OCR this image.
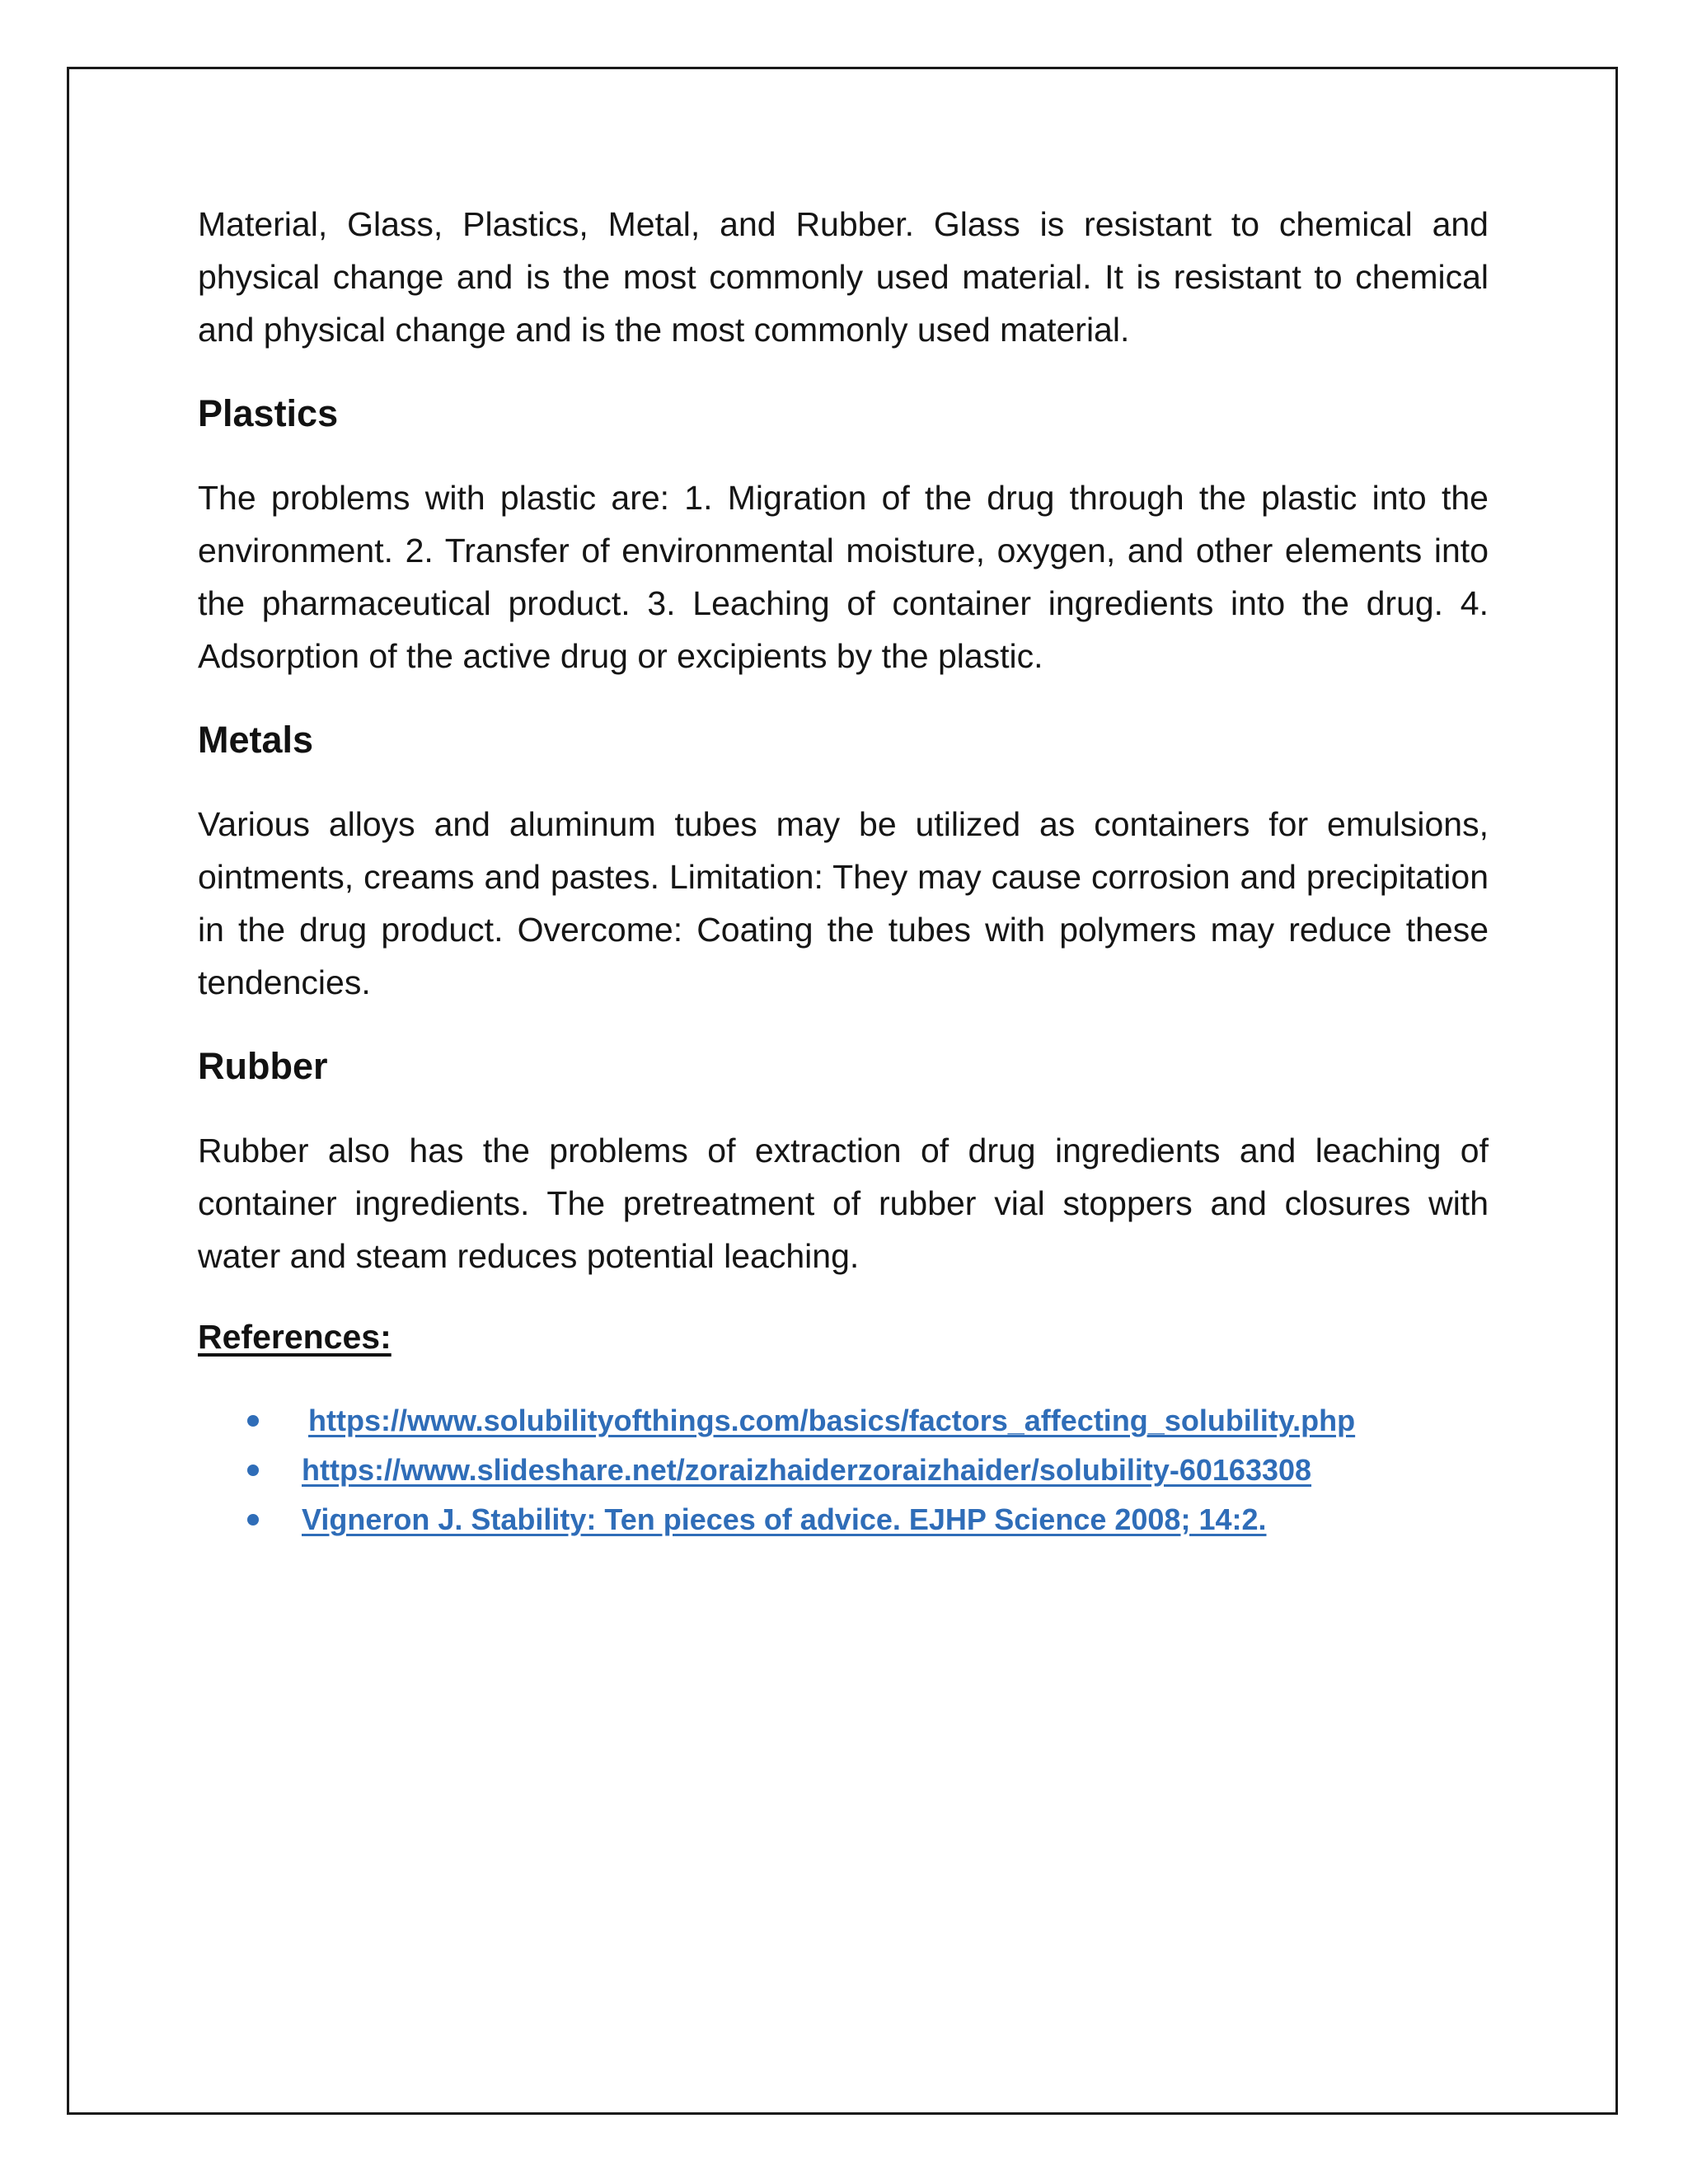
Material, Glass, Plastics, Metal, and Rubber. Glass is resistant to chemical and physical change and is the most commonly used material. It is resistant to chemical and physical change and is the most commonly used material.

Plastics

The problems with plastic are: 1. Migration of the drug through the plastic into the environment. 2. Transfer of environmental moisture, oxygen, and other elements into the pharmaceutical product. 3. Leaching of container ingredients into the drug. 4. Adsorption of the active drug or excipients by the plastic.

Metals

Various alloys and aluminum tubes may be utilized as containers for emulsions, ointments, creams and pastes. Limitation: They may cause corrosion and precipitation in the drug product. Overcome: Coating the tubes with polymers may reduce these tendencies.

Rubber

Rubber also has the problems of extraction of drug ingredients and leaching of container ingredients. The pretreatment of rubber vial stoppers and closures with water and steam reduces potential leaching.

References:
https://www.solubilityofthings.com/basics/factors_affecting_solubility.php
https://www.slideshare.net/zoraizhaiderzoraizhaider/solubility-60163308
Vigneron J. Stability: Ten pieces of advice. EJHP Science 2008; 14:2.
